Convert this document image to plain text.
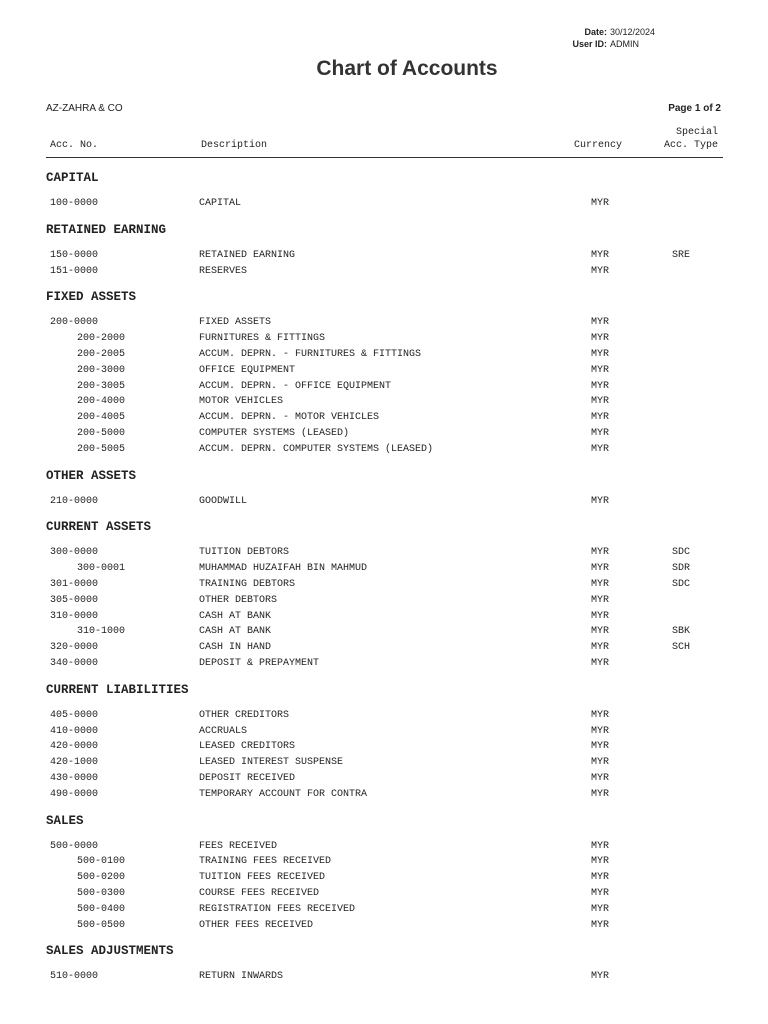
Date: 30/12/2024
User ID: ADMIN
Chart of Accounts
AZ-ZAHRA & CO	Page 1 of 2
Acc. No.	Description	Currency
Special
Acc. Type
CAPITAL
100-0000	CAPITAL	MYR
RETAINED EARNING
150-0000	RETAINED EARNING	MYR	SRE
151-0000	RESERVES	MYR
FIXED ASSETS
200-0000	FIXED ASSETS	MYR
200-2000	FURNITURES & FITTINGS	MYR
200-2005	ACCUM. DEPRN. - FURNITURES & FITTINGS	MYR
200-3000	OFFICE EQUIPMENT	MYR
200-3005	ACCUM. DEPRN. - OFFICE EQUIPMENT	MYR
200-4000	MOTOR VEHICLES	MYR
200-4005	ACCUM. DEPRN. - MOTOR VEHICLES	MYR
200-5000	COMPUTER SYSTEMS (LEASED)	MYR
200-5005	ACCUM. DEPRN. COMPUTER SYSTEMS (LEASED)	MYR
OTHER ASSETS
210-0000	GOODWILL	MYR
CURRENT ASSETS
300-0000	TUITION DEBTORS	MYR	SDC
300-0001	MUHAMMAD HUZAIFAH BIN MAHMUD	MYR	SDR
301-0000	TRAINING DEBTORS	MYR	SDC
305-0000	OTHER DEBTORS	MYR
310-0000	CASH AT BANK	MYR
310-1000	CASH AT BANK	MYR	SBK
320-0000	CASH IN HAND	MYR	SCH
340-0000	DEPOSIT & PREPAYMENT	MYR
CURRENT LIABILITIES
405-0000	OTHER CREDITORS	MYR
410-0000	ACCRUALS	MYR
420-0000	LEASED CREDITORS	MYR
420-1000	LEASED INTEREST SUSPENSE	MYR
430-0000	DEPOSIT RECEIVED	MYR
490-0000	TEMPORARY ACCOUNT FOR CONTRA	MYR
SALES
500-0000	FEES RECEIVED	MYR
500-0100	TRAINING FEES RECEIVED	MYR
500-0200	TUITION FEES RECEIVED	MYR
500-0300	COURSE FEES RECEIVED	MYR
500-0400	REGISTRATION FEES RECEIVED	MYR
500-0500	OTHER FEES RECEIVED	MYR
SALES ADJUSTMENTS
510-0000	RETURN INWARDS	MYR
